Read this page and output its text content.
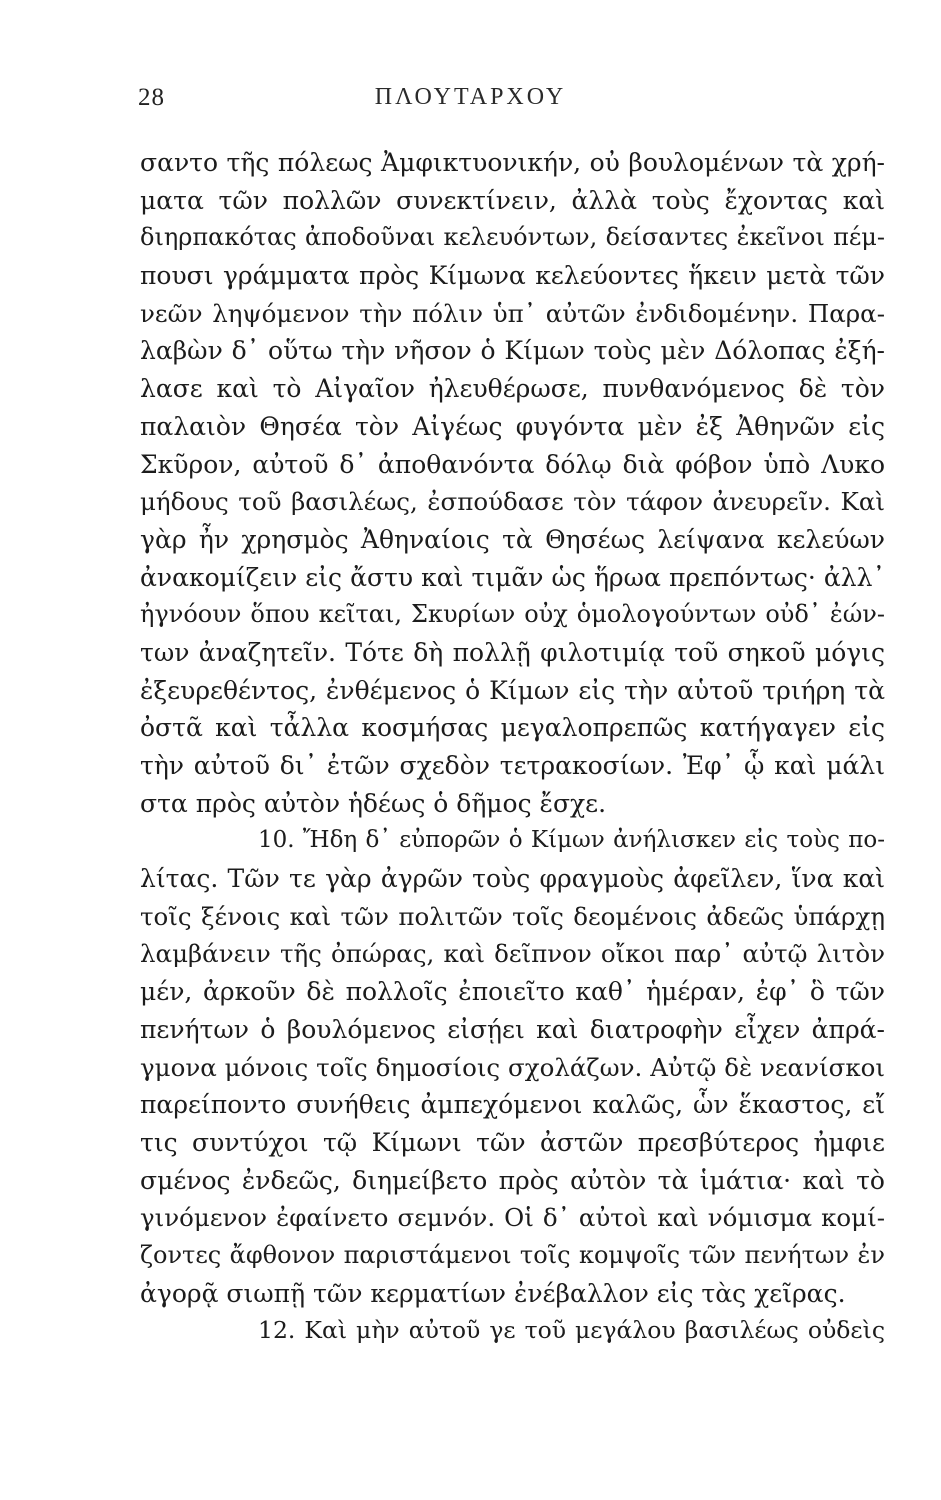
28	ΠΛΟΥΤΑΡΧΟΥ
σαντο τῆς πόλεως Ἀμφικτυονικήν, οὐ βουλομένων τὰ χρή-
ματα τῶν πολλῶν συνεκτίνειν, ἀλλὰ τοὺς ἔχοντας καὶ
διηρπακότας ἀποδοῦναι κελευόντων, δείσαντες ἐκεῖνοι πέμ-
πουσι γράμματα πρὸς Κίμωνα κελεύοντες ἥκειν μετὰ τῶν
νεῶν ληψόμενον τὴν πόλιν ὑπ᾽ αὐτῶν ἐνδιδομένην. Παρα-
λαβὼν δ᾽ οὕτω τὴν νῆσον ὁ Κίμων τοὺς μὲν Δόλοπας ἐξή-
λασε καὶ τὸ Αἰγαῖον ἠλευθέρωσε, πυνθανόμενος δὲ τὸν
παλαιὸν Θησέα τὸν Αἰγέως φυγόντα μὲν ἐξ Ἀθηνῶν εἰς
Σκῦρον, αὐτοῦ δ᾽ ἀποθανόντα δόλῳ διὰ φόβον ὑπὸ Λυκο
μήδους τοῦ βασιλέως, ἐσπούδασε τὸν τάφον ἀνευρεῖν. Καὶ
γὰρ ἦν χρησμὸς Ἀθηναίοις τὰ Θησέως λείψανα κελεύων
ἀνακομίζειν εἰς ἄστυ καὶ τιμᾶν ὡς ἥρωα πρεπόντως· ἀλλ᾽
ἠγνόουν ὅπου κεῖται, Σκυρίων οὐχ ὁμολογούντων οὐδ᾽ ἐών-
των ἀναζητεῖν. Τότε δὴ πολλῇ φιλοτιμίᾳ τοῦ σηκοῦ μόγις
ἐξευρεθέντος, ἐνθέμενος ὁ Κίμων εἰς τὴν αὑτοῦ τριήρη τὰ
ὀστᾶ καὶ τἆλλα κοσμήσας μεγαλοπρεπῶς κατήγαγεν εἰς
τὴν αὐτοῦ δι᾽ ἐτῶν σχεδὸν τετρακοσίων. Ἐφ᾽ ᾧ καὶ μάλι
στα πρὸς αὐτὸν ἡδέως ὁ δῆμος ἔσχε.
10. Ἤδη δ᾽ εὐπορῶν ὁ Κίμων ἀνήλισκεν εἰς τοὺς πο-
λίτας. Τῶν τε γὰρ ἀγρῶν τοὺς φραγμοὺς ἀφεῖλεν, ἵνα καὶ
τοῖς ξένοις καὶ τῶν πολιτῶν τοῖς δεομένοις ἀδεῶς ὑπάρχῃ
λαμβάνειν τῆς ὀπώρας, καὶ δεῖπνον οἴκοι παρ᾽ αὐτῷ λιτὸν
μέν, ἀρκοῦν δὲ πολλοῖς ἐποιεῖτο καθ᾽ ἡμέραν, ἐφ᾽ ὃ τῶν
πενήτων ὁ βουλόμενος εἰσῄει καὶ διατροφὴν εἶχεν ἀπρά-
γμονα μόνοις τοῖς δημοσίοις σχολάζων. Αὐτῷ δὲ νεανίσκοι
παρείποντο συνήθεις ἀμπεχόμενοι καλῶς, ὧν ἕκαστος, εἴ
τις συντύχοι τῷ Κίμωνι τῶν ἀστῶν πρεσβύτερος ἠμφιε
σμένος ἐνδεῶς, διημείβετο πρὸς αὐτὸν τὰ ἱμάτια· καὶ τὸ
γινόμενον ἐφαίνετο σεμνόν. Οἱ δ᾽ αὐτοὶ καὶ νόμισμα κομί-
ζοντες ἄφθονον παριστάμενοι τοῖς κομψοῖς τῶν πενήτων ἐν
ἀγορᾷ σιωπῇ τῶν κερματίων ἐνέβαλλον εἰς τὰς χεῖρας.
12. Καὶ μὴν αὐτοῦ γε τοῦ μεγάλου βασιλέως οὐδεὶς
